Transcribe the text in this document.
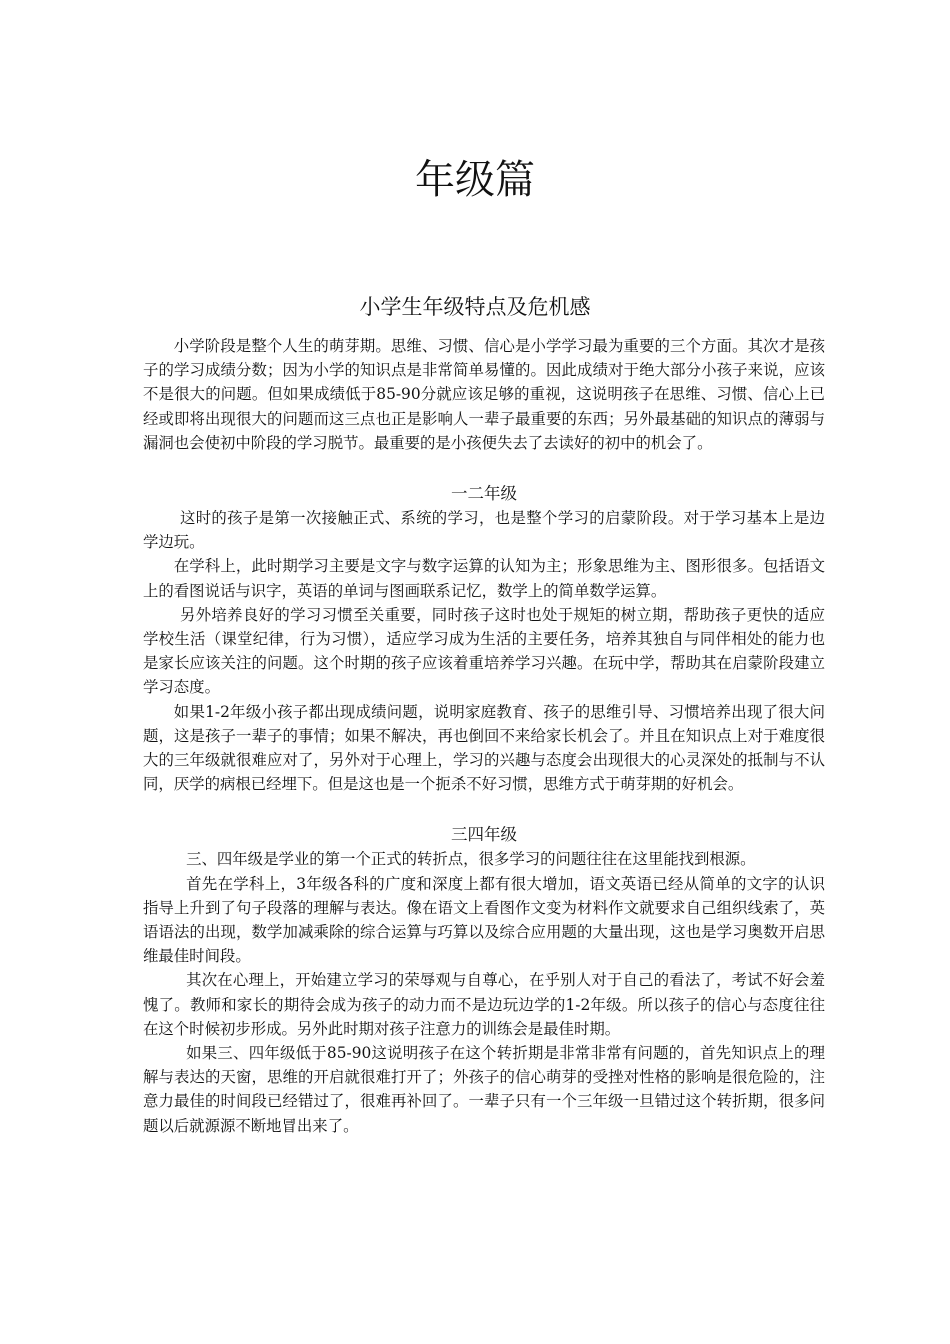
年级篇
小学生年级特点及危机感

小学阶段是整个人生的萌芽期。思维、习惯、信心是小学学习最为重要的三个方面。其次才是孩子的学习成绩分数；因为小学的知识点是非常简单易懂的。因此成绩对于绝大部分小孩子来说，应该不是很大的问题。但如果成绩低于85-90分就应该足够的重视，这说明孩子在思维、习惯、信心上已经或即将出现很大的问题而这三点也正是影响人一辈子最重要的东西；另外最基础的知识点的薄弱与漏洞也会使初中阶段的学习脱节。最重要的是小孩便失去了去读好的初中的机会了。

一二年级

这时的孩子是第一次接触正式、系统的学习，也是整个学习的启蒙阶段。对于学习基本上是边学边玩。

在学科上，此时期学习主要是文字与数字运算的认知为主；形象思维为主、图形很多。包括语文上的看图说话与识字，英语的单词与图画联系记忆，数学上的简单数学运算。

另外培养良好的学习习惯至关重要，同时孩子这时也处于规矩的树立期，帮助孩子更快的适应学校生活（课堂纪律，行为习惯），适应学习成为生活的主要任务，培养其独自与同伴相处的能力也是家长应该关注的问题。这个时期的孩子应该着重培养学习兴趣。在玩中学，帮助其在启蒙阶段建立学习态度。

如果1-2年级小孩子都出现成绩问题，说明家庭教育、孩子的思维引导、习惯培养出现了很大问题，这是孩子一辈子的事情；如果不解决，再也倒回不来给家长机会了。并且在知识点上对于难度很大的三年级就很难应对了，另外对于心理上，学习的兴趣与态度会出现很大的心灵深处的抵制与不认同，厌学的病根已经埋下。但是这也是一个扼杀不好习惯，思维方式于萌芽期的好机会。

三四年级

三、四年级是学业的第一个正式的转折点，很多学习的问题往往在这里能找到根源。

首先在学科上，3年级各科的广度和深度上都有很大增加，语文英语已经从简单的文字的认识指导上升到了句子段落的理解与表达。像在语文上看图作文变为材料作文就要求自己组织线索了，英语语法的出现，数学加减乘除的综合运算与巧算以及综合应用题的大量出现，这也是学习奥数开启思维最佳时间段。

其次在心理上，开始建立学习的荣辱观与自尊心，在乎别人对于自己的看法了，考试不好会羞愧了。教师和家长的期待会成为孩子的动力而不是边玩边学的1-2年级。所以孩子的信心与态度往往在这个时候初步形成。另外此时期对孩子注意力的训练会是最佳时期。

如果三、四年级低于85-90这说明孩子在这个转折期是非常非常有问题的，首先知识点上的理解与表达的天窗，思维的开启就很难打开了；外孩子的信心萌芽的受挫对性格的影响是很危险的，注意力最佳的时间段已经错过了，很难再补回了。一辈子只有一个三年级一旦错过这个转折期，很多问题以后就源源不断地冒出来了。
